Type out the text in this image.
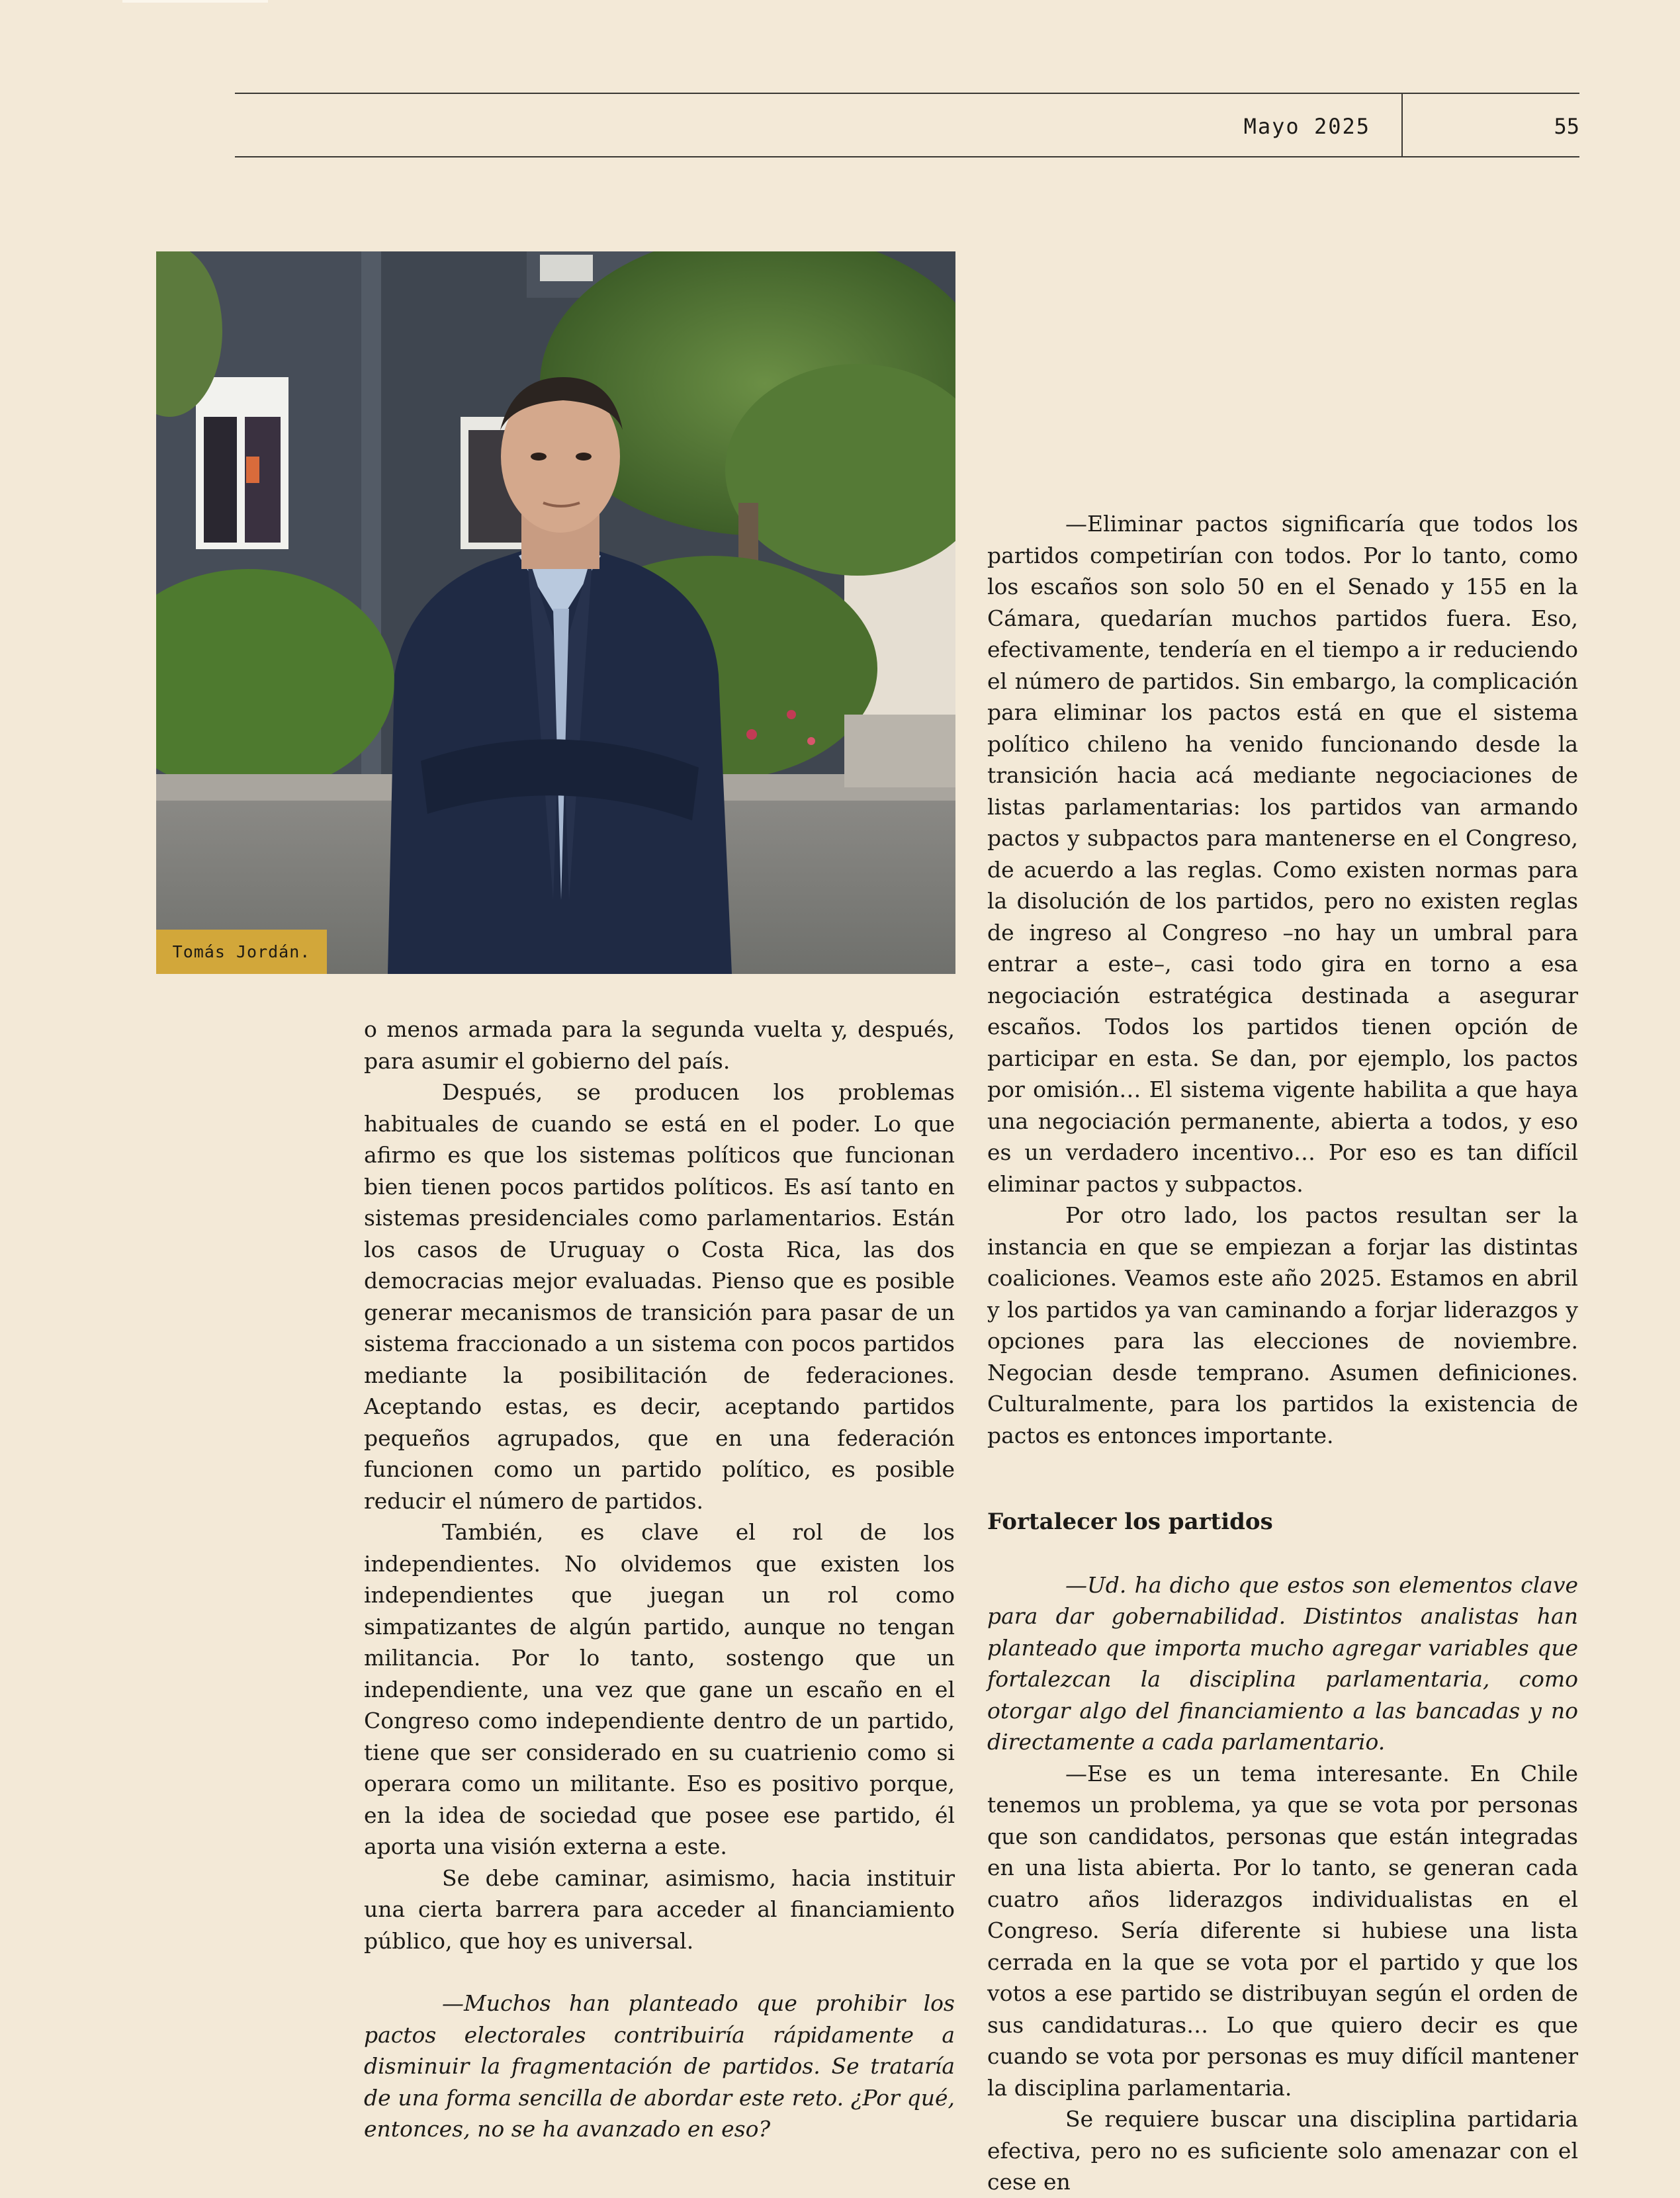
Mayo 2025	55
Tomás Jordán.

o menos armada para la segunda vuelta y, después, para asumir el gobierno del país.

Después, se producen los problemas habituales de cuando se está en el poder. Lo que afirmo es que los sistemas políticos que funcionan bien tienen pocos partidos políticos. Es así tanto en sistemas presidenciales como parlamentarios. Están los casos de Uruguay o Costa Rica, las dos democracias mejor evaluadas. Pienso que es posible generar mecanismos de transición para pasar de un sistema fraccionado a un sistema con pocos partidos mediante la posibilitación de federaciones. Aceptando estas, es decir, aceptando partidos pequeños agrupados, que en una federación funcionen como un partido político, es posible reducir el número de partidos.

También, es clave el rol de los independientes. No olvidemos que existen los independientes que juegan un rol como simpatizantes de algún partido, aunque no tengan militancia. Por lo tanto, sostengo que un independiente, una vez que gane un escaño en el Congreso como independiente dentro de un partido, tiene que ser considerado en su cuatrienio como si operara como un militante. Eso es positivo porque, en la idea de sociedad que posee ese partido, él aporta una visión externa a este.

Se debe caminar, asimismo, hacia instituir una cierta barrera para acceder al financiamiento público, que hoy es universal.

—Muchos han planteado que prohibir los pactos electorales contribuiría rápidamente a disminuir la fragmentación de partidos. Se trataría de una forma sencilla de abordar este reto. ¿Por qué, entonces, no se ha avanzado en eso?

—Eliminar pactos significaría que todos los partidos competirían con todos. Por lo tanto, como los escaños son solo 50 en el Senado y 155 en la Cámara, quedarían muchos partidos fuera. Eso, efectivamente, tendería en el tiempo a ir reduciendo el número de partidos. Sin embargo, la complicación para eliminar los pactos está en que el sistema político chileno ha venido funcionando desde la transición hacia acá mediante negociaciones de listas parlamentarias: los partidos van armando pactos y subpactos para mantenerse en el Congreso, de acuerdo a las reglas. Como existen normas para la disolución de los partidos, pero no existen reglas de ingreso al Congreso –no hay un umbral para entrar a este–, casi todo gira en torno a esa negociación estratégica destinada a asegurar escaños. Todos los partidos tienen opción de participar en esta. Se dan, por ejemplo, los pactos por omisión… El sistema vigente habilita a que haya una negociación permanente, abierta a todos, y eso es un verdadero incentivo… Por eso es tan difícil eliminar pactos y subpactos.

Por otro lado, los pactos resultan ser la instancia en que se empiezan a forjar las distintas coaliciones. Veamos este año 2025. Estamos en abril y los partidos ya van caminando a forjar liderazgos y opciones para las elecciones de noviembre. Negocian desde temprano. Asumen definiciones. Culturalmente, para los partidos la existencia de pactos es entonces importante.

Fortalecer los partidos

—Ud. ha dicho que estos son elementos clave para dar gobernabilidad. Distintos analistas han planteado que importa mucho agregar variables que fortalezcan la disciplina parlamentaria, como otorgar algo del financiamiento a las bancadas y no directamente a cada parlamentario.

—Ese es un tema interesante. En Chile tenemos un problema, ya que se vota por personas que son candidatos, personas que están integradas en una lista abierta. Por lo tanto, se generan cada cuatro años liderazgos individualistas en el Congreso. Sería diferente si hubiese una lista cerrada en la que se vota por el partido y que los votos a ese partido se distribuyan según el orden de sus candidaturas… Lo que quiero decir es que cuando se vota por personas es muy difícil mantener la disciplina parlamentaria.

Se requiere buscar una disciplina partidaria efectiva, pero no es suficiente solo amenazar con el cese en
